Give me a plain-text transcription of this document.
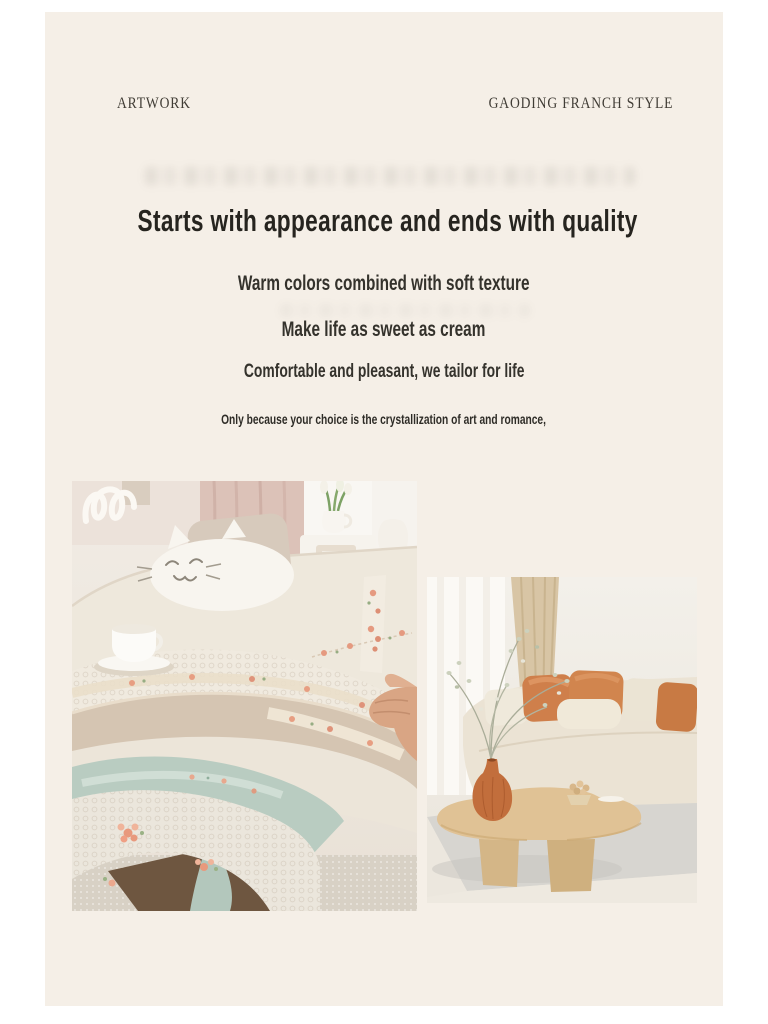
ARTWORK	GAODING FRANCH STYLE
Starts with appearance and ends with quality
Warm colors combined with soft texture
Make life as sweet as cream
Comfortable and pleasant, we tailor for life
Only because your choice is the crystallization of art and romance,
